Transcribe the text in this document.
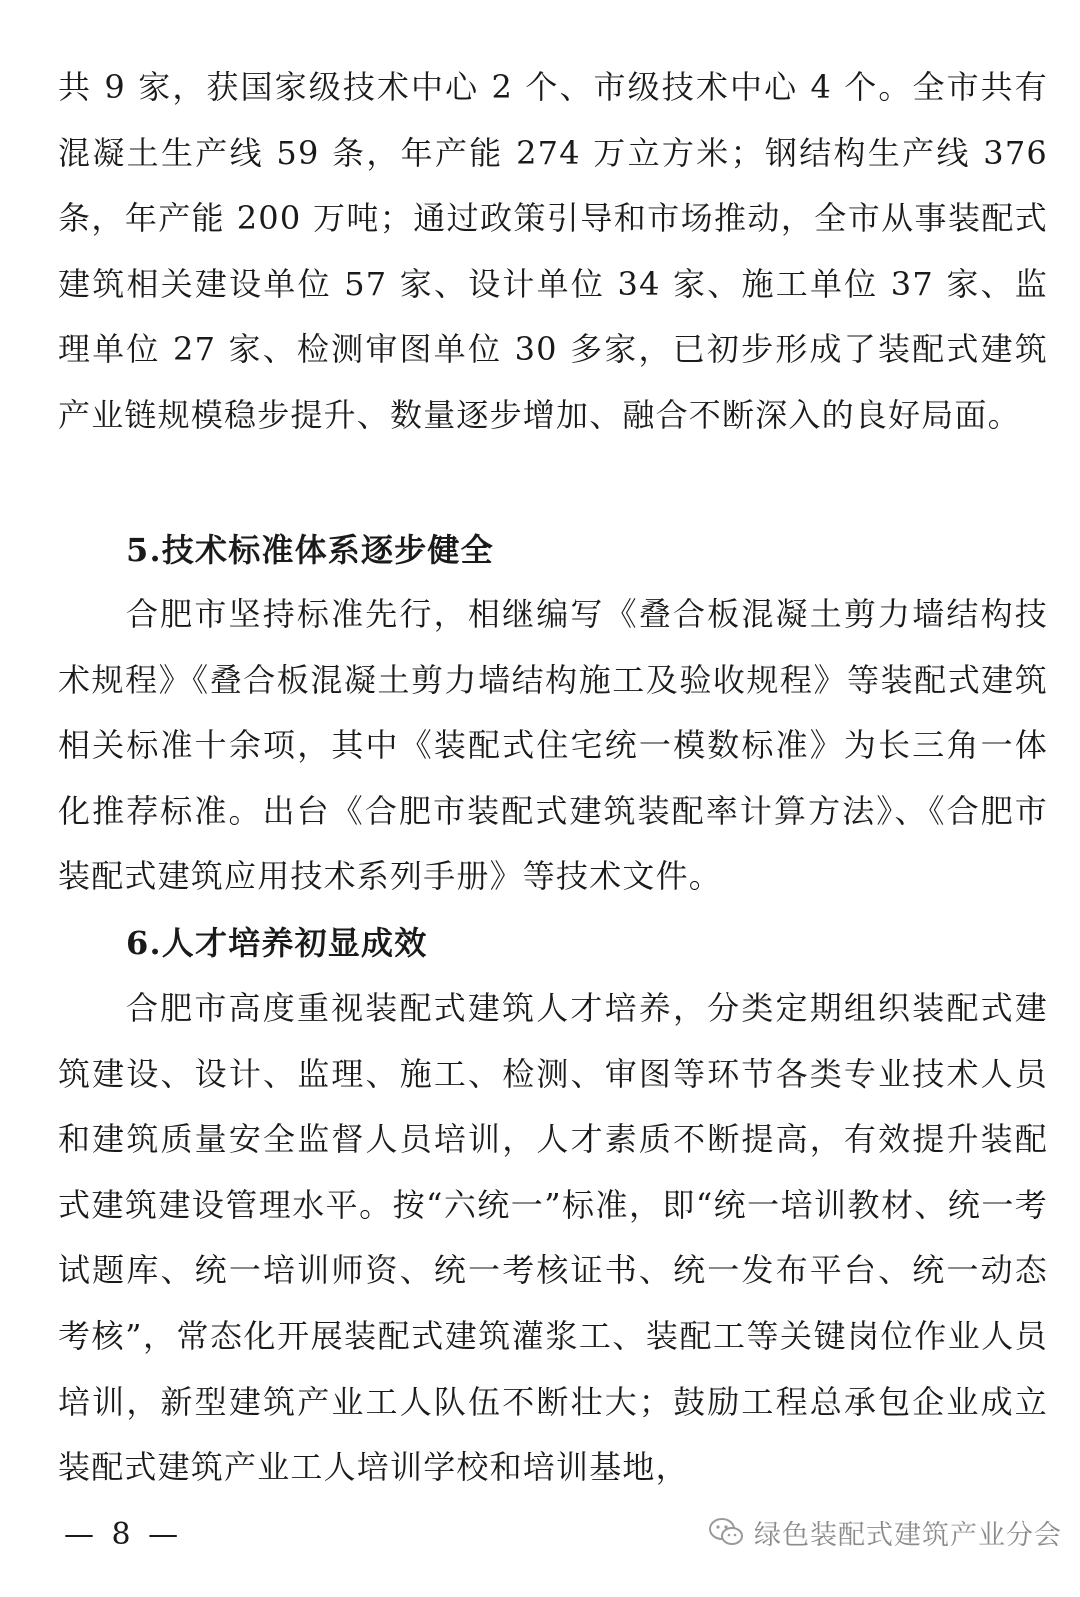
共 9 家，获国家级技术中心 2 个、市级技术中心 4 个。全市共有混凝土生产线 59 条，年产能 274 万立方米；钢结构生产线 376 条，年产能 200 万吨；通过政策引导和市场推动，全市从事装配式建筑相关建设单位 57 家、设计单位 34 家、施工单位 37 家、监理单位 27 家、检测审图单位 30 多家，已初步形成了装配式建筑产业链规模稳步提升、数量逐步增加、融合不断深入的良好局面。

5.技术标准体系逐步健全

合肥市坚持标准先行，相继编写《叠合板混凝土剪力墙结构技术规程》《叠合板混凝土剪力墙结构施工及验收规程》等装配式建筑相关标准十余项，其中《装配式住宅统一模数标准》为长三角一体化推荐标准。出台《合肥市装配式建筑装配率计算方法》、《合肥市装配式建筑应用技术系列手册》等技术文件。

6.人才培养初显成效

合肥市高度重视装配式建筑人才培养，分类定期组织装配式建筑建设、设计、监理、施工、检测、审图等环节各类专业技术人员和建筑质量安全监督人员培训，人才素质不断提高，有效提升装配式建筑建设管理水平。按“六统一”标准，即“统一培训教材、统一考试题库、统一培训师资、统一考核证书、统一发布平台、统一动态考核”，常态化开展装配式建筑灌浆工、装配工等关键岗位作业人员培训，新型建筑产业工人队伍不断壮大；鼓励工程总承包企业成立装配式建筑产业工人培训学校和培训基地，

— 8 —	绿色装配式建筑产业分会
